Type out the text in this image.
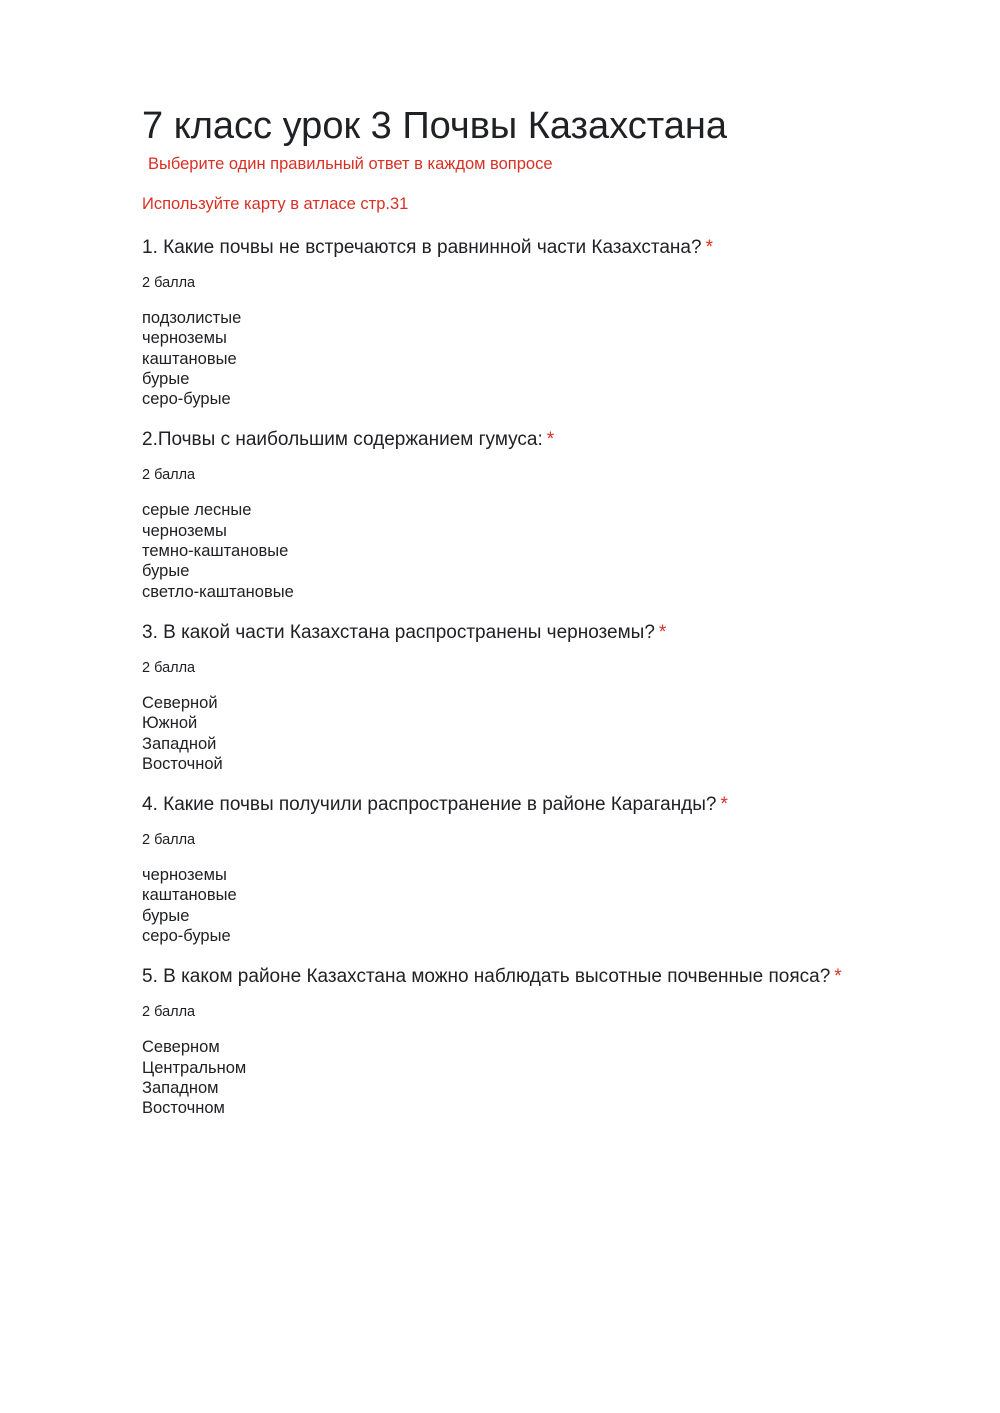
7 класс урок 3 Почвы Казахстана
Выберите один правильный ответ в каждом вопросе
Используйте карту в атласе стр.31
1. Какие почвы не встречаются в равнинной части Казахстана? *
2 балла
подзолистые
черноземы
каштановые
бурые
серо-бурые
2.Почвы с наибольшим содержанием гумуса: *
2 балла
серые лесные
черноземы
темно-каштановые
бурые
светло-каштановые
3. В какой части Казахстана распространены черноземы? *
2 балла
Северной
Южной
Западной
Восточной
4. Какие почвы получили распространение в районе Караганды? *
2 балла
черноземы
каштановые
бурые
серо-бурые
5. В каком районе Казахстана можно наблюдать высотные почвенные пояса? *
2 балла
Северном
Центральном
Западном
Восточном
